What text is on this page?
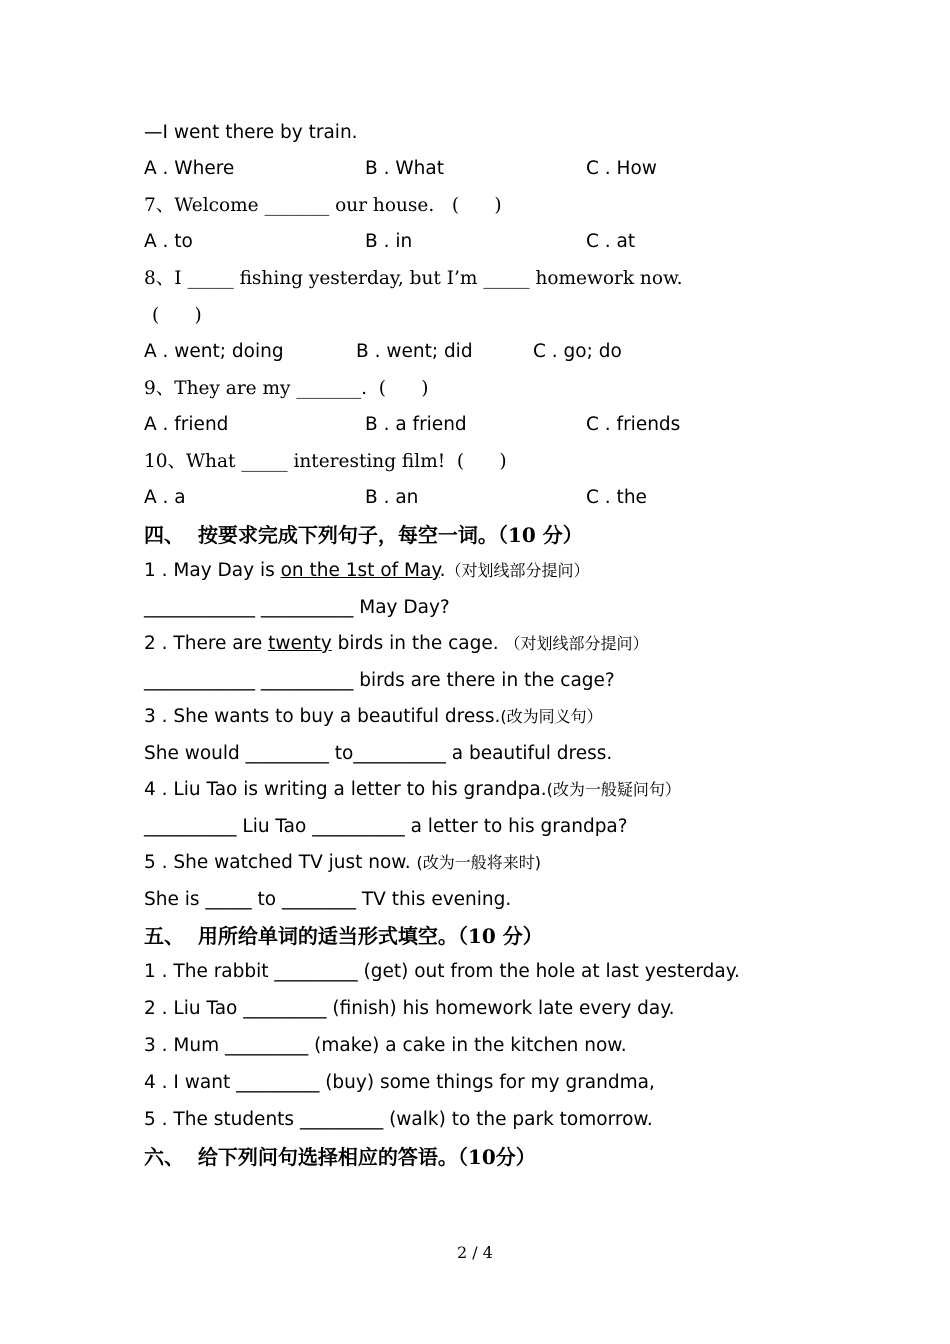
—I went there by train.
A . Where	B . What	C . How
7、Welcome _______ our house.   (      )
A . to	B . in	C . at
8、I _____ fishing yesterday, but I’m _____ homework now.
(      )
A . went; doing	B . went; did	C . go; do
9、They are my _______.  (      )
A . friend	B . a friend	C . friends
10、What _____ interesting film!  (      )
A . a	B . an	C . the
四、  按要求完成下列句子，每空一词。（10 分）
1 . May Day is on the 1st of May.（对划线部分提问）
____________ __________ May Day?
2 . There are twenty birds in the cage. （对划线部分提问）
____________ __________ birds are there in the cage?
3 . She wants to buy a beautiful dress.(改为同义句）
She would _________ to__________ a beautiful dress.
4 . Liu Tao is writing a letter to his grandpa.(改为一般疑问句）
__________ Liu Tao __________ a letter to his grandpa?
5 . She watched TV just now. (改为一般将来时)
She is _____ to ________ TV this evening.
五、  用所给单词的适当形式填空。（10 分）
1 . The rabbit _________ (get) out from the hole at last yesterday.
2 . Liu Tao _________ (finish) his homework late every day.
3 . Mum _________ (make) a cake in the kitchen now.
4 . I want _________ (buy) some things for my grandma,
5 . The students _________ (walk) to the park tomorrow.
六、  给下列问句选择相应的答语。（10分）
2 / 4
